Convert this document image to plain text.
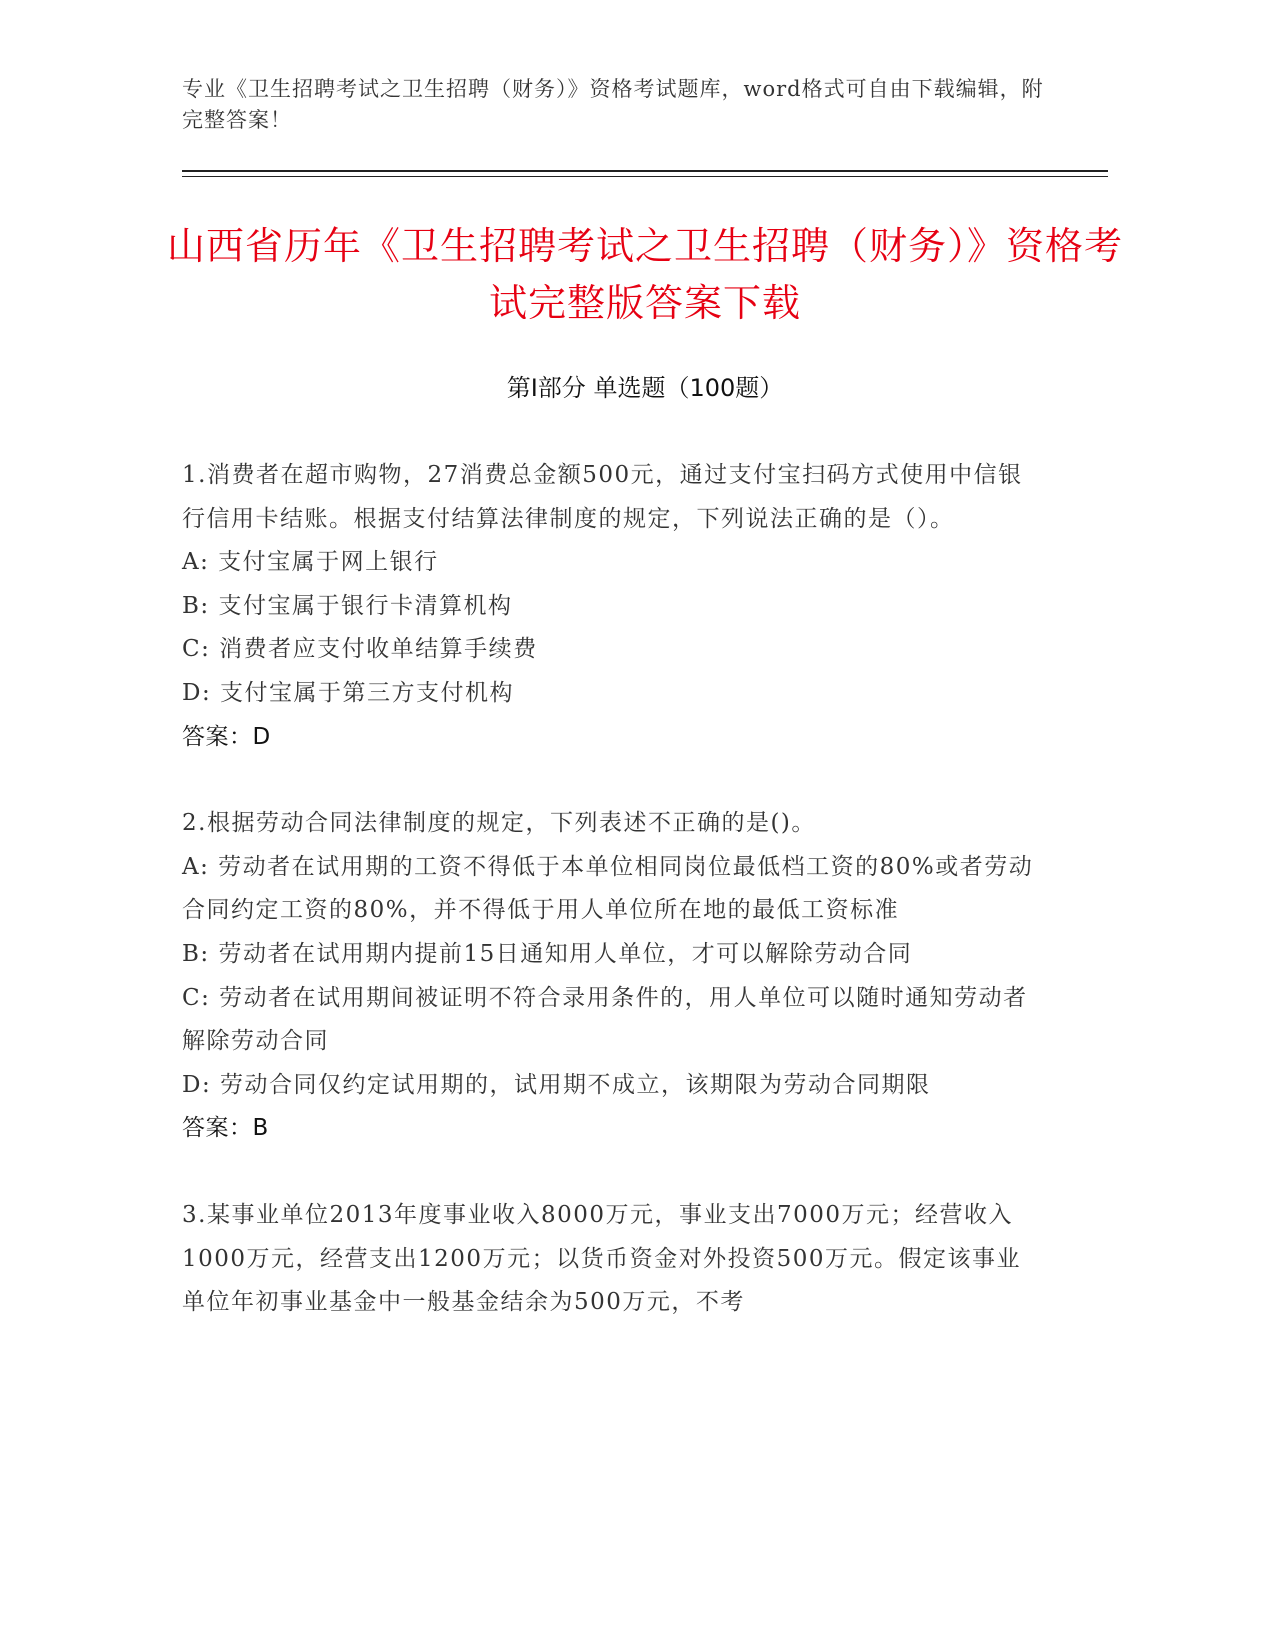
专业《卫生招聘考试之卫生招聘（财务）》资格考试题库，word格式可自由下载编辑，附完整答案！
山西省历年《卫生招聘考试之卫生招聘（财务）》资格考试完整版答案下载
第I部分 单选题（100题）

1.消费者在超市购物，27消费总金额500元，通过支付宝扫码方式使用中信银行信用卡结账。根据支付结算法律制度的规定，下列说法正确的是（）。

A: 支付宝属于网上银行

B: 支付宝属于银行卡清算机构

C: 消费者应支付收单结算手续费

D: 支付宝属于第三方支付机构

答案：D

2.根据劳动合同法律制度的规定，下列表述不正确的是()。

A: 劳动者在试用期的工资不得低于本单位相同岗位最低档工资的80%或者劳动合同约定工资的80%，并不得低于用人单位所在地的最低工资标准

B: 劳动者在试用期内提前15日通知用人单位，才可以解除劳动合同

C: 劳动者在试用期间被证明不符合录用条件的，用人单位可以随时通知劳动者解除劳动合同

D: 劳动合同仅约定试用期的，试用期不成立，该期限为劳动合同期限

答案：B

3.某事业单位2013年度事业收入8000万元，事业支出7000万元；经营收入1000万元，经营支出1200万元；以货币资金对外投资500万元。假定该事业单位年初事业基金中一般基金结余为500万元，不考
